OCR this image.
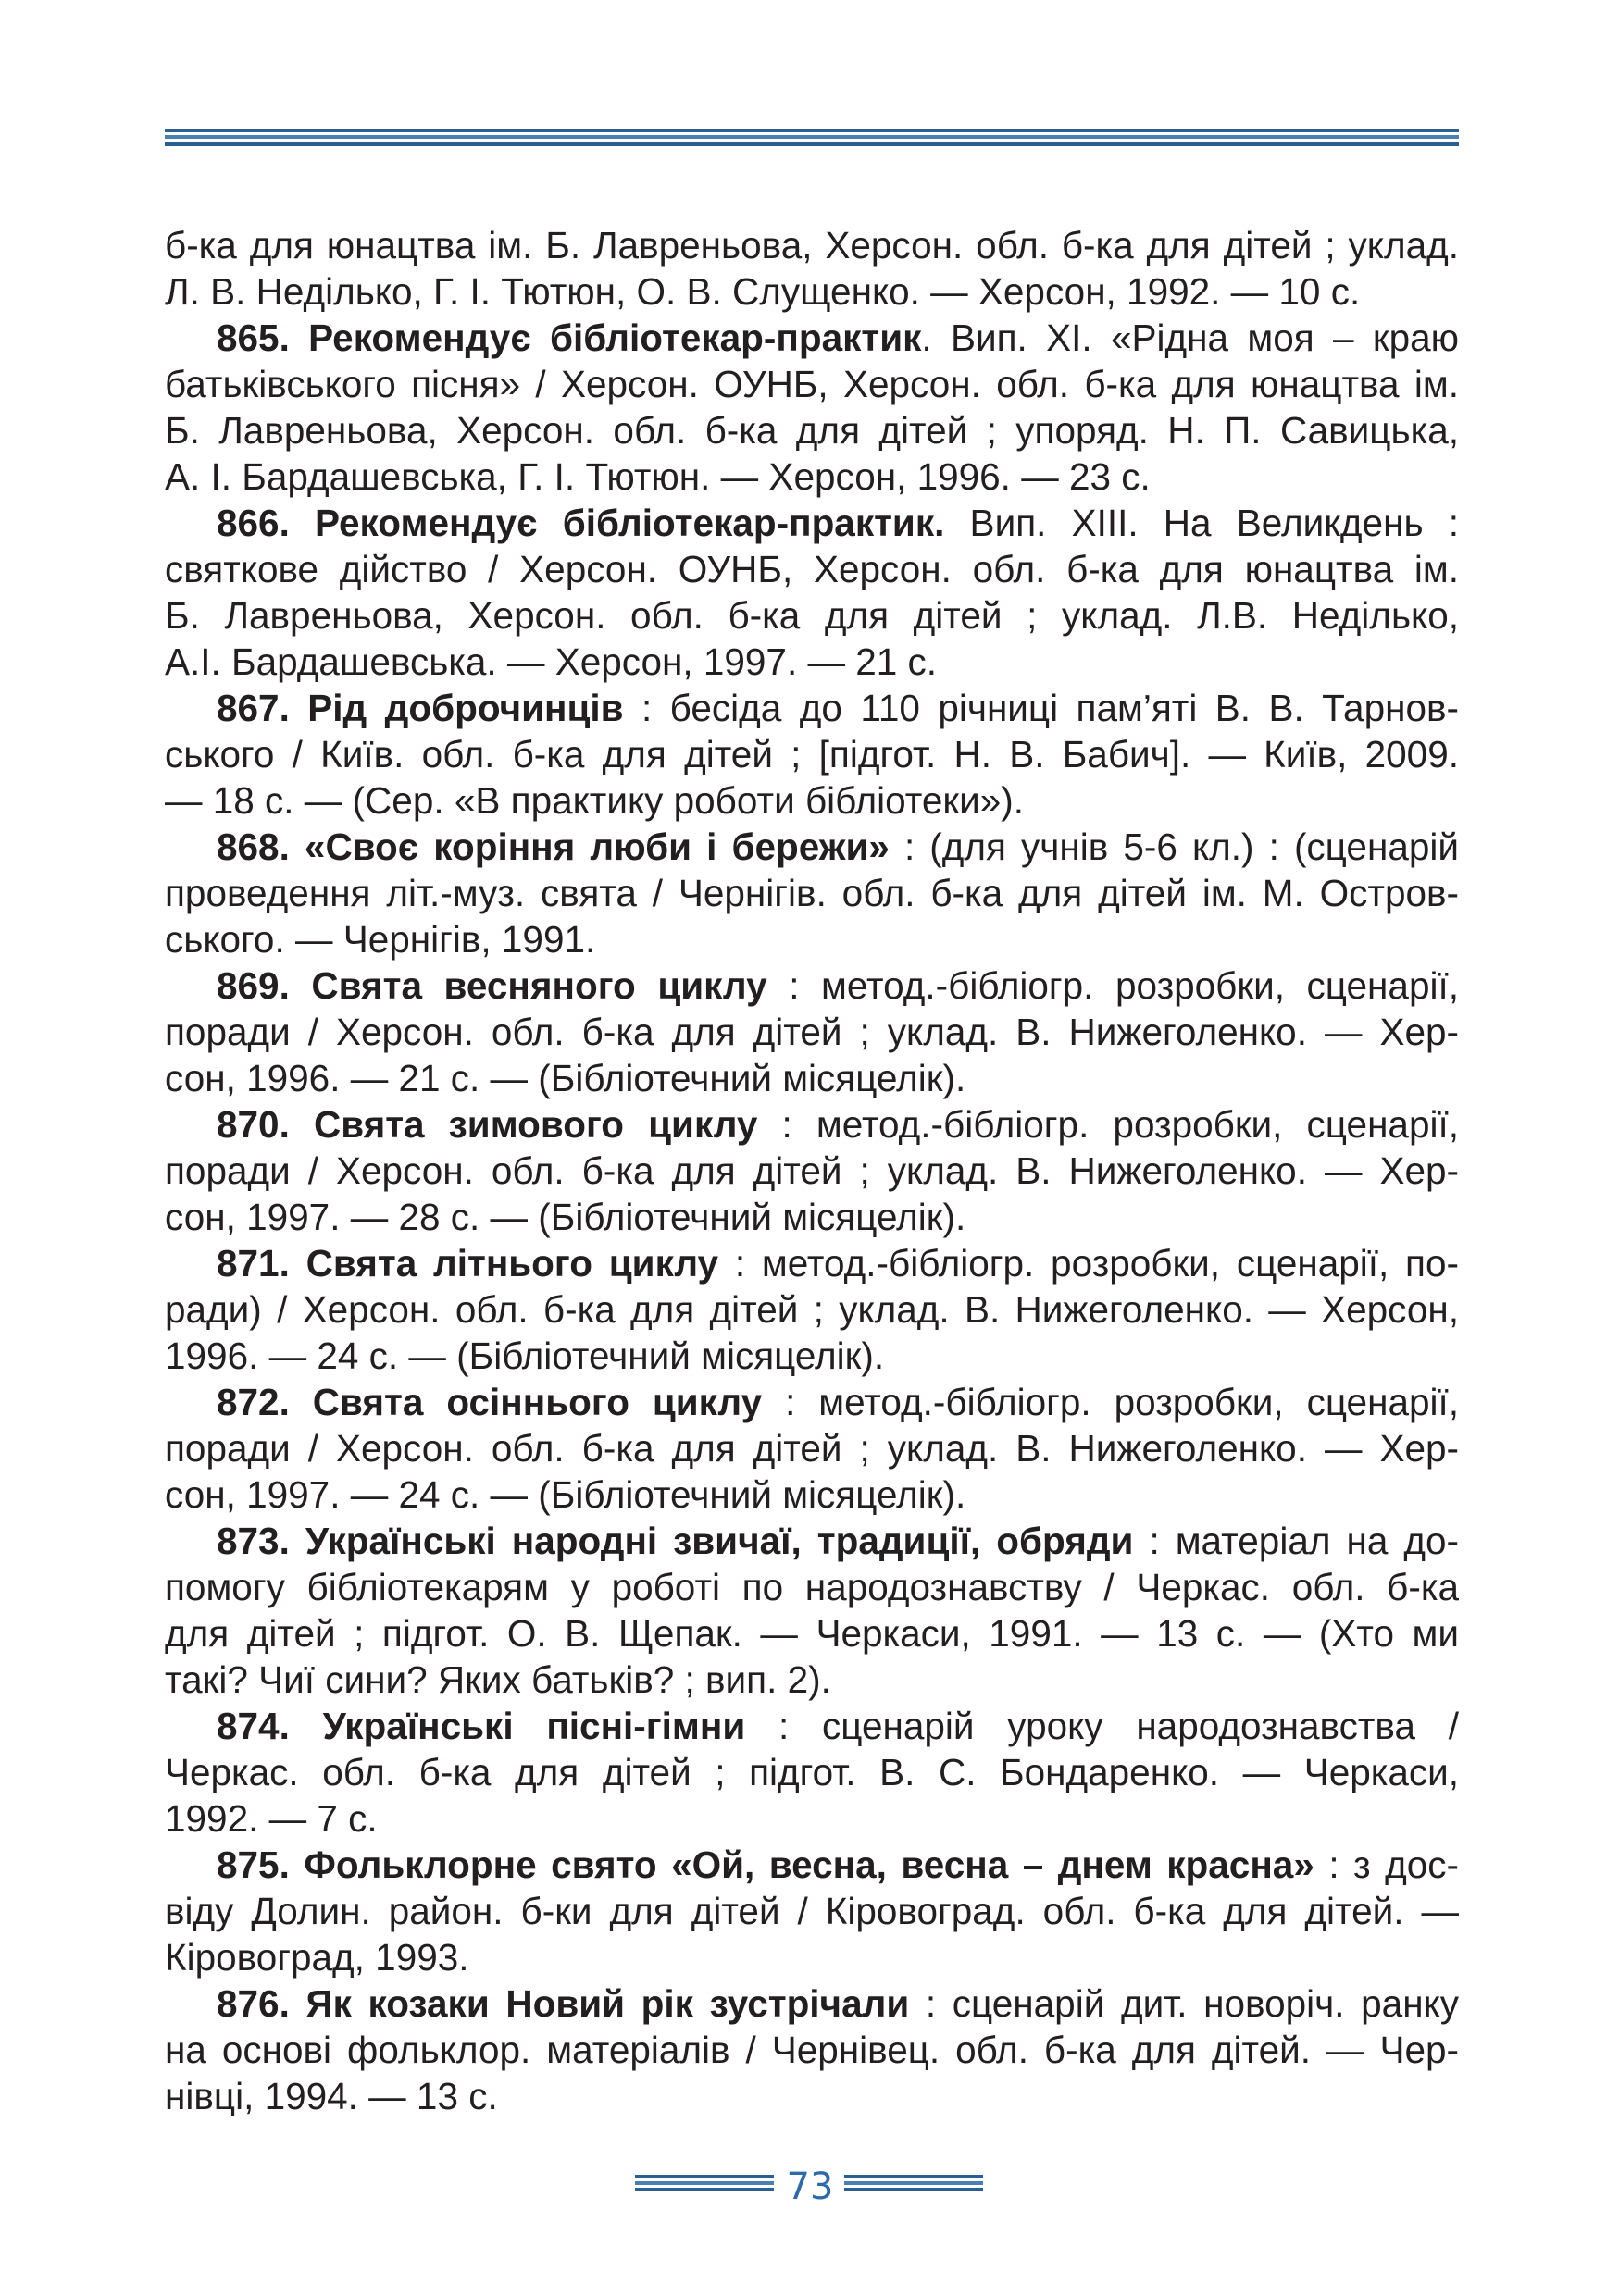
б-ка для юнацтва ім. Б. Лавреньова, Херсон. обл. б-ка для дітей ; уклад.
Л. В. Неділько, Г. І. Тютюн, О. В. Слущенко. — Херсон, 1992. — 10 с.
865. Рекомендує бібліотекар-практик. Вип. XI. «Рідна моя – краю
батьківського пісня» / Херсон. ОУНБ, Херсон. обл. б-ка для юнацтва ім.
Б. Лавреньова, Херсон. обл. б-ка для дітей ; упоряд. Н. П. Савицька,
А. І. Бардашевська, Г. І. Тютюн. — Херсон, 1996. — 23 с.
866. Рекомендує бібліотекар-практик. Вип. XIII. На Великдень :
святкове дійство / Херсон. ОУНБ, Херсон. обл. б-ка для юнацтва ім.
Б. Лавреньова, Херсон. обл. б-ка для дітей ; уклад. Л.В. Неділько,
А.І. Бардашевська. — Херсон, 1997. — 21 с.
867. Рід доброчинців : бесіда до 110 річниці пам’яті В. В. Тарнов-
ського / Київ. обл. б-ка для дітей ; [підгот. Н. В. Бабич]. — Київ, 2009.
— 18 с. — (Сер. «В практику роботи бібліотеки»).
868. «Своє коріння люби і бережи» : (для учнів 5-6 кл.) : (сценарій
проведення літ.-муз. свята / Чернігів. обл. б-ка для дітей ім. М. Остров-
ського. — Чернігів, 1991.
869. Свята весняного циклу : метод.-бібліогр. розробки, сценарії,
поради / Херсон. обл. б-ка для дітей ; уклад. В. Нижеголенко. — Хер-
сон, 1996. — 21 с. — (Бібліотечний місяцелік).
870. Свята зимового циклу : метод.-бібліогр. розробки, сценарії,
поради / Херсон. обл. б-ка для дітей ; уклад. В. Нижеголенко. — Хер-
сон, 1997. — 28 с. — (Бібліотечний місяцелік).
871. Свята літнього циклу : метод.-бібліогр. розробки, сценарії, по-
ради) / Херсон. обл. б-ка для дітей ; уклад. В. Нижеголенко. — Херсон,
1996. — 24 с. — (Бібліотечний місяцелік).
872. Свята осіннього циклу : метод.-бібліогр. розробки, сценарії,
поради / Херсон. обл. б-ка для дітей ; уклад. В. Нижеголенко. — Хер-
сон, 1997. — 24 с. — (Бібліотечний місяцелік).
873. Українські народні звичаї, традиції, обряди : матеріал на до-
помогу бібліотекарям у роботі по народознавству / Черкас. обл. б-ка
для дітей ; підгот. О. В. Щепак. — Черкаси, 1991. — 13 с. — (Хто ми
такі? Чиї сини? Яких батьків? ; вип. 2).
874. Українські пісні-гімни : сценарій уроку народознавства /
Черкас. обл. б-ка для дітей ; підгот. В. С. Бондаренко. — Черкаси,
1992. — 7 с.
875. Фольклорне свято «Ой, весна, весна – днем красна» : з дос-
віду Долин. район. б-ки для дітей / Кіровоград. обл. б-ка для дітей. —
Кіровоград, 1993.
876. Як козаки Новий рік зустрічали : сценарій дит. новоріч. ранку
на основі фольклор. матеріалів / Чернівец. обл. б-ка для дітей. — Чер-
нівці, 1994. — 13 с.
73
